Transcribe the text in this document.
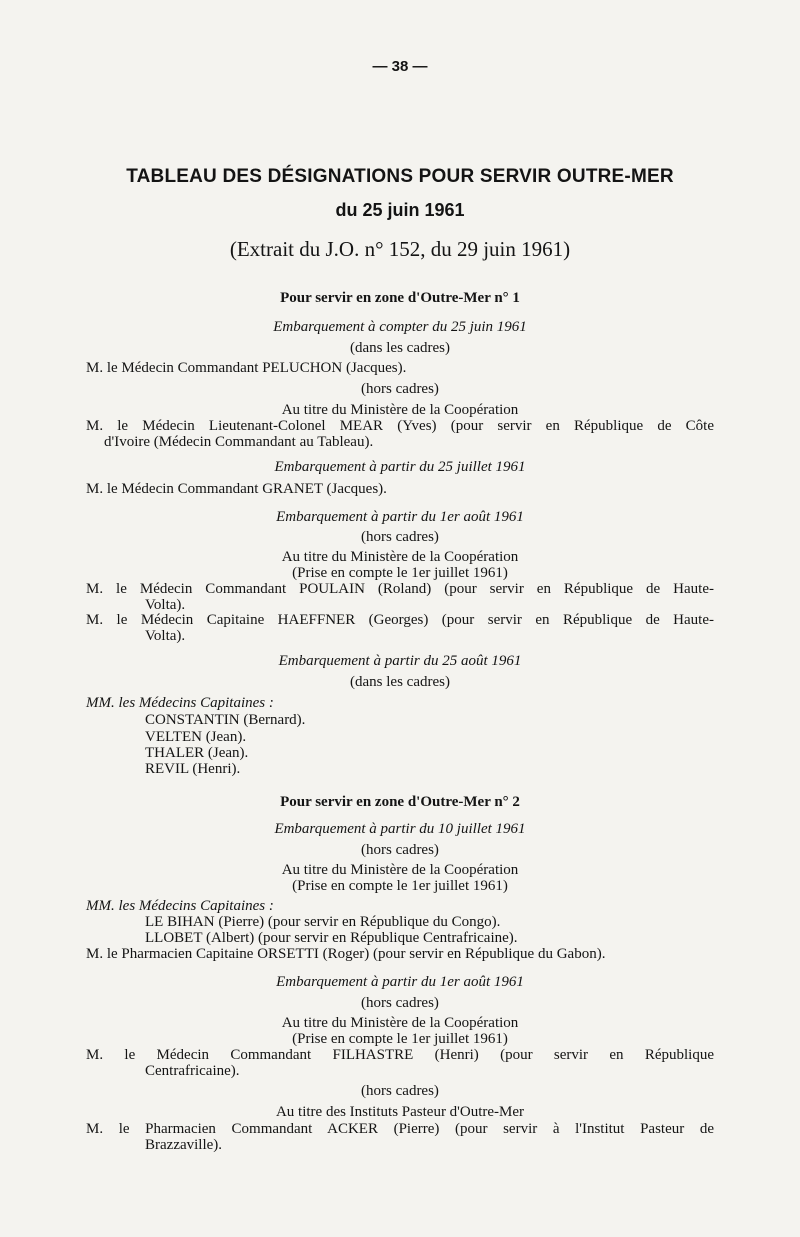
— 38 —
TABLEAU DES DÉSIGNATIONS POUR SERVIR OUTRE-MER
du 25 juin 1961
(Extrait du J.O. n° 152, du 29 juin 1961)
Pour servir en zone d'Outre-Mer n° 1
Embarquement à compter du 25 juin 1961
(dans les cadres)
M. le Médecin Commandant PELUCHON (Jacques).
(hors cadres)
Au titre du Ministère de la Coopération
M. le Médecin Lieutenant-Colonel MEAR (Yves) (pour servir en République de Côte
d'Ivoire (Médecin Commandant au Tableau).
Embarquement à partir du 25 juillet 1961
M. le Médecin Commandant GRANET (Jacques).
Embarquement à partir du 1er août 1961
(hors cadres)
Au titre du Ministère de la Coopération
(Prise en compte le 1er juillet 1961)
M. le Médecin Commandant POULAIN (Roland) (pour servir en République de Haute-
Volta).
M. le Médecin Capitaine HAEFFNER (Georges) (pour servir en République de Haute-
Volta).
Embarquement à partir du 25 août 1961
(dans les cadres)
MM. les Médecins Capitaines :
CONSTANTIN (Bernard).
VELTEN (Jean).
THALER (Jean).
REVIL (Henri).
Pour servir en zone d'Outre-Mer n° 2
Embarquement à partir du 10 juillet 1961
(hors cadres)
Au titre du Ministère de la Coopération
(Prise en compte le 1er juillet 1961)
MM. les Médecins Capitaines :
LE BIHAN (Pierre) (pour servir en République du Congo).
LLOBET (Albert) (pour servir en République Centrafricaine).
M. le Pharmacien Capitaine ORSETTI (Roger) (pour servir en République du Gabon).
Embarquement à partir du 1er août 1961
(hors cadres)
Au titre du Ministère de la Coopération
(Prise en compte le 1er juillet 1961)
M. le Médecin Commandant FILHASTRE (Henri) (pour servir en République
Centrafricaine).
(hors cadres)
Au titre des Instituts Pasteur d'Outre-Mer
M. le Pharmacien Commandant ACKER (Pierre) (pour servir à l'Institut Pasteur de
Brazzaville).
